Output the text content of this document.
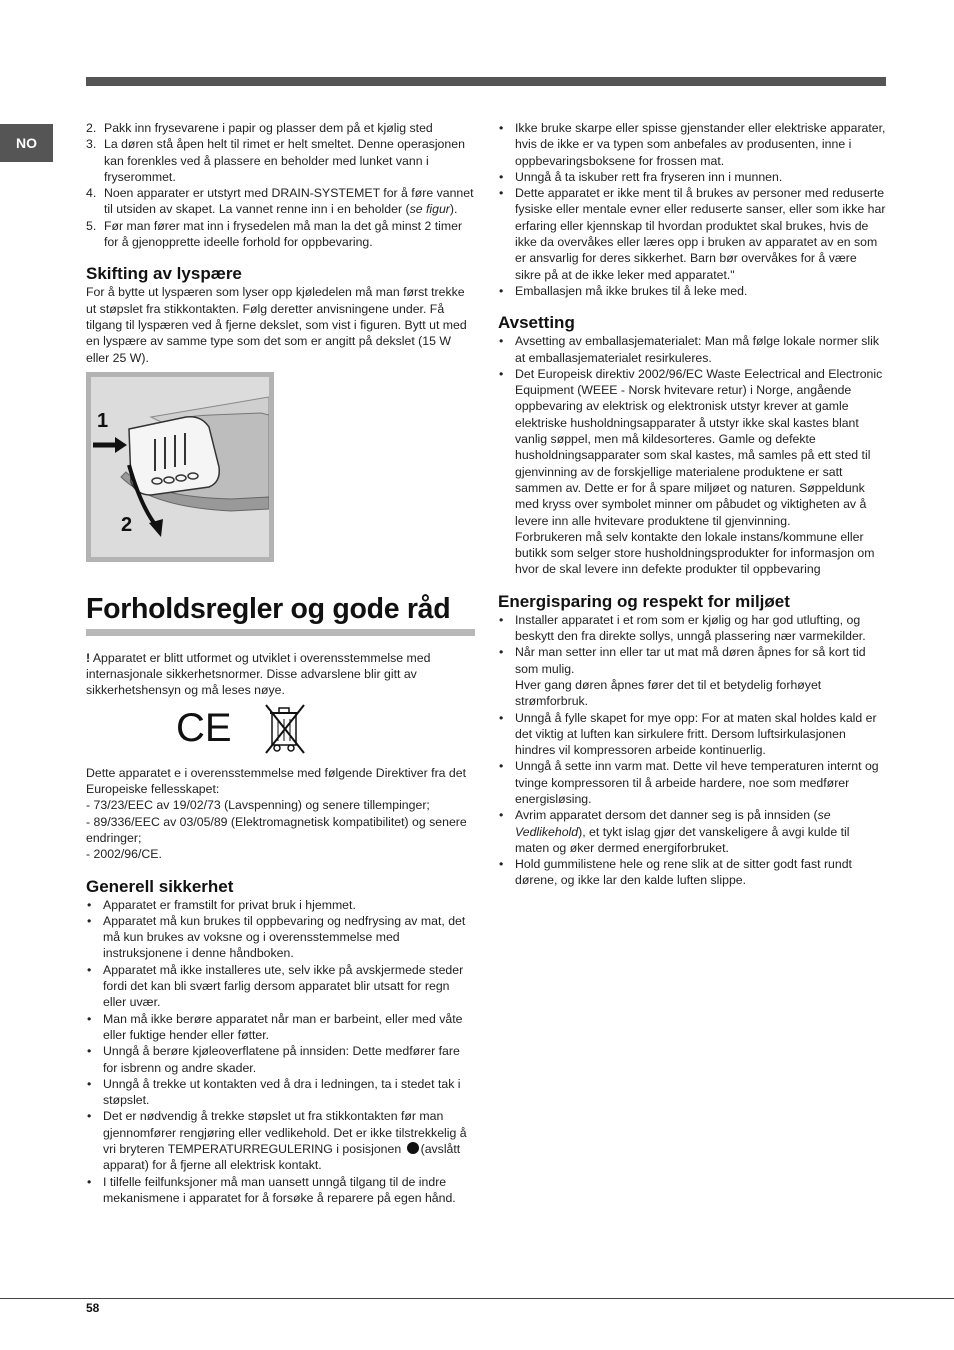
NO
2. Pakk inn frysevarene i papir og plasser dem på et kjølig sted
3. La døren stå åpen helt til rimet er helt smeltet. Denne operasjonen kan forenkles ved å plassere en beholder med lunket vann i fryserommet.
4. Noen apparater er utstyrt med DRAIN-SYSTEMET for å føre vannet til utsiden av skapet. La vannet renne inn i en beholder (se figur).
5. Før man fører mat inn i frysedelen må man la det gå minst 2 timer for å gjenopprette ideelle forhold for oppbevaring.
Skifting av lyspære

For å bytte ut lyspæren som lyser opp kjøledelen må man først trekke ut støpslet fra stikkontakten. Følg deretter anvisningene under. Få tilgang til lyspæren ved å fjerne dekslet, som vist i figuren. Bytt ut med en lyspære av samme type som det som er angitt på dekslet (15 W eller 25 W).

1
2
Forholdsregler og gode råd

! Apparatet er blitt utformet og utviklet i overensstemmelse med internasjonale sikkerhetsnormer. Disse advarslene blir gitt av sikkerhetshensyn og må leses nøye.

CE

Dette apparatet e i overensstemmelse med følgende Direktiver fra det Europeiske fellesskapet:

- 73/23/EEC av 19/02/73 (Lavspenning) og senere tillempinger;

- 89/336/EEC av 03/05/89 (Elektromagnetisk kompatibilitet) og senere endringer;

- 2002/96/CE.

Generell sikkerhet
• Apparatet er framstilt for privat bruk i hjemmet.
• Apparatet må kun brukes til oppbevaring og nedfrysing av mat, det må kun brukes av voksne og i overensstemmelse med instruksjonene i denne håndboken.
• Apparatet må ikke installeres ute, selv ikke på avskjermede steder fordi det kan bli svært farlig dersom apparatet blir utsatt for regn eller uvær.
• Man må ikke berøre apparatet når man er barbeint, eller med våte eller fuktige hender eller føtter.
• Unngå å berøre kjøleoverflatene på innsiden: Dette medfører fare for isbrenn og andre skader.
• Unngå å trekke ut kontakten ved å dra i ledningen, ta i stedet tak i støpslet.
• Det er nødvendig å trekke støpslet ut fra stikkontakten før man gjennomfører rengjøring eller vedlikehold. Det er ikke tilstrekkelig å vri bryteren TEMPERATURREGULERING i posisjonen (avslått apparat) for å fjerne all elektrisk kontakt.
• I tilfelle feilfunksjoner må man uansett unngå tilgang til de indre mekanismene i apparatet for å forsøke å reparere på egen hånd.
• Ikke bruke skarpe eller spisse gjenstander eller elektriske apparater, hvis de ikke er va typen som anbefales av produsenten, inne i oppbevaringsboksene for frossen mat.
• Unngå å ta iskuber rett fra fryseren inn i munnen.
• Dette apparatet er ikke ment til å brukes av personer med reduserte fysiske eller mentale evner eller reduserte sanser, eller som ikke har erfaring eller kjennskap til hvordan produktet skal brukes, hvis de ikke da overvåkes eller læres opp i bruken av apparatet av en som er ansvarlig for deres sikkerhet. Barn bør overvåkes for å være sikre på at de ikke leker med apparatet."
• Emballasjen må ikke brukes til å leke med.
Avsetting
• Avsetting av emballasjematerialet: Man må følge lokale normer slik at emballasjematerialet resirkuleres.
• Det Europeisk direktiv 2002/96/EC Waste Eelectrical and Electronic Equipment (WEEE - Norsk hvitevare retur) i Norge, angående oppbevaring av elektrisk og elektronisk utstyr krever at gamle elektriske husholdningsapparater å utstyr ikke skal kastes blant vanlig søppel, men må kildesorteres. Gamle og defekte husholdningsapparater som skal kastes, må samles på ett sted til gjenvinning av de forskjellige materialene produktene er satt sammen av. Dette er for å spare miljøet og naturen. Søppeldunk med kryss over symbolet minner om påbudet og viktigheten av å levere inn alle hvitevare produktene til gjenvinning.
Forbrukeren må selv kontakte den lokale instans/kommune eller butikk som selger store husholdningsprodukter for informasjon om hvor de skal levere inn defekte produkter til oppbevaring
Energisparing og respekt for miljøet
• Installer apparatet i et rom som er kjølig og har god utlufting, og beskytt den fra direkte sollys, unngå plassering nær varmekilder.
• Når man setter inn eller tar ut mat må døren åpnes for så kort tid som mulig.
Hver gang døren åpnes fører det til et betydelig forhøyet strømforbruk.
• Unngå å fylle skapet for mye opp: For at maten skal holdes kald er det viktig at luften kan sirkulere fritt. Dersom luftsirkulasjonen hindres vil kompressoren arbeide kontinuerlig.
• Unngå å sette inn varm mat. Dette vil heve temperaturen internt og tvinge kompressoren til å arbeide hardere, noe som medfører energisløsing.
• Avrim apparatet dersom det danner seg is på innsiden (se Vedlikehold), et tykt islag gjør det vanskeligere å avgi kulde til maten og øker dermed energiforbruket.
• Hold gummilistene hele og rene slik at de sitter godt fast rundt dørene, og ikke lar den kalde luften slippe.
58
